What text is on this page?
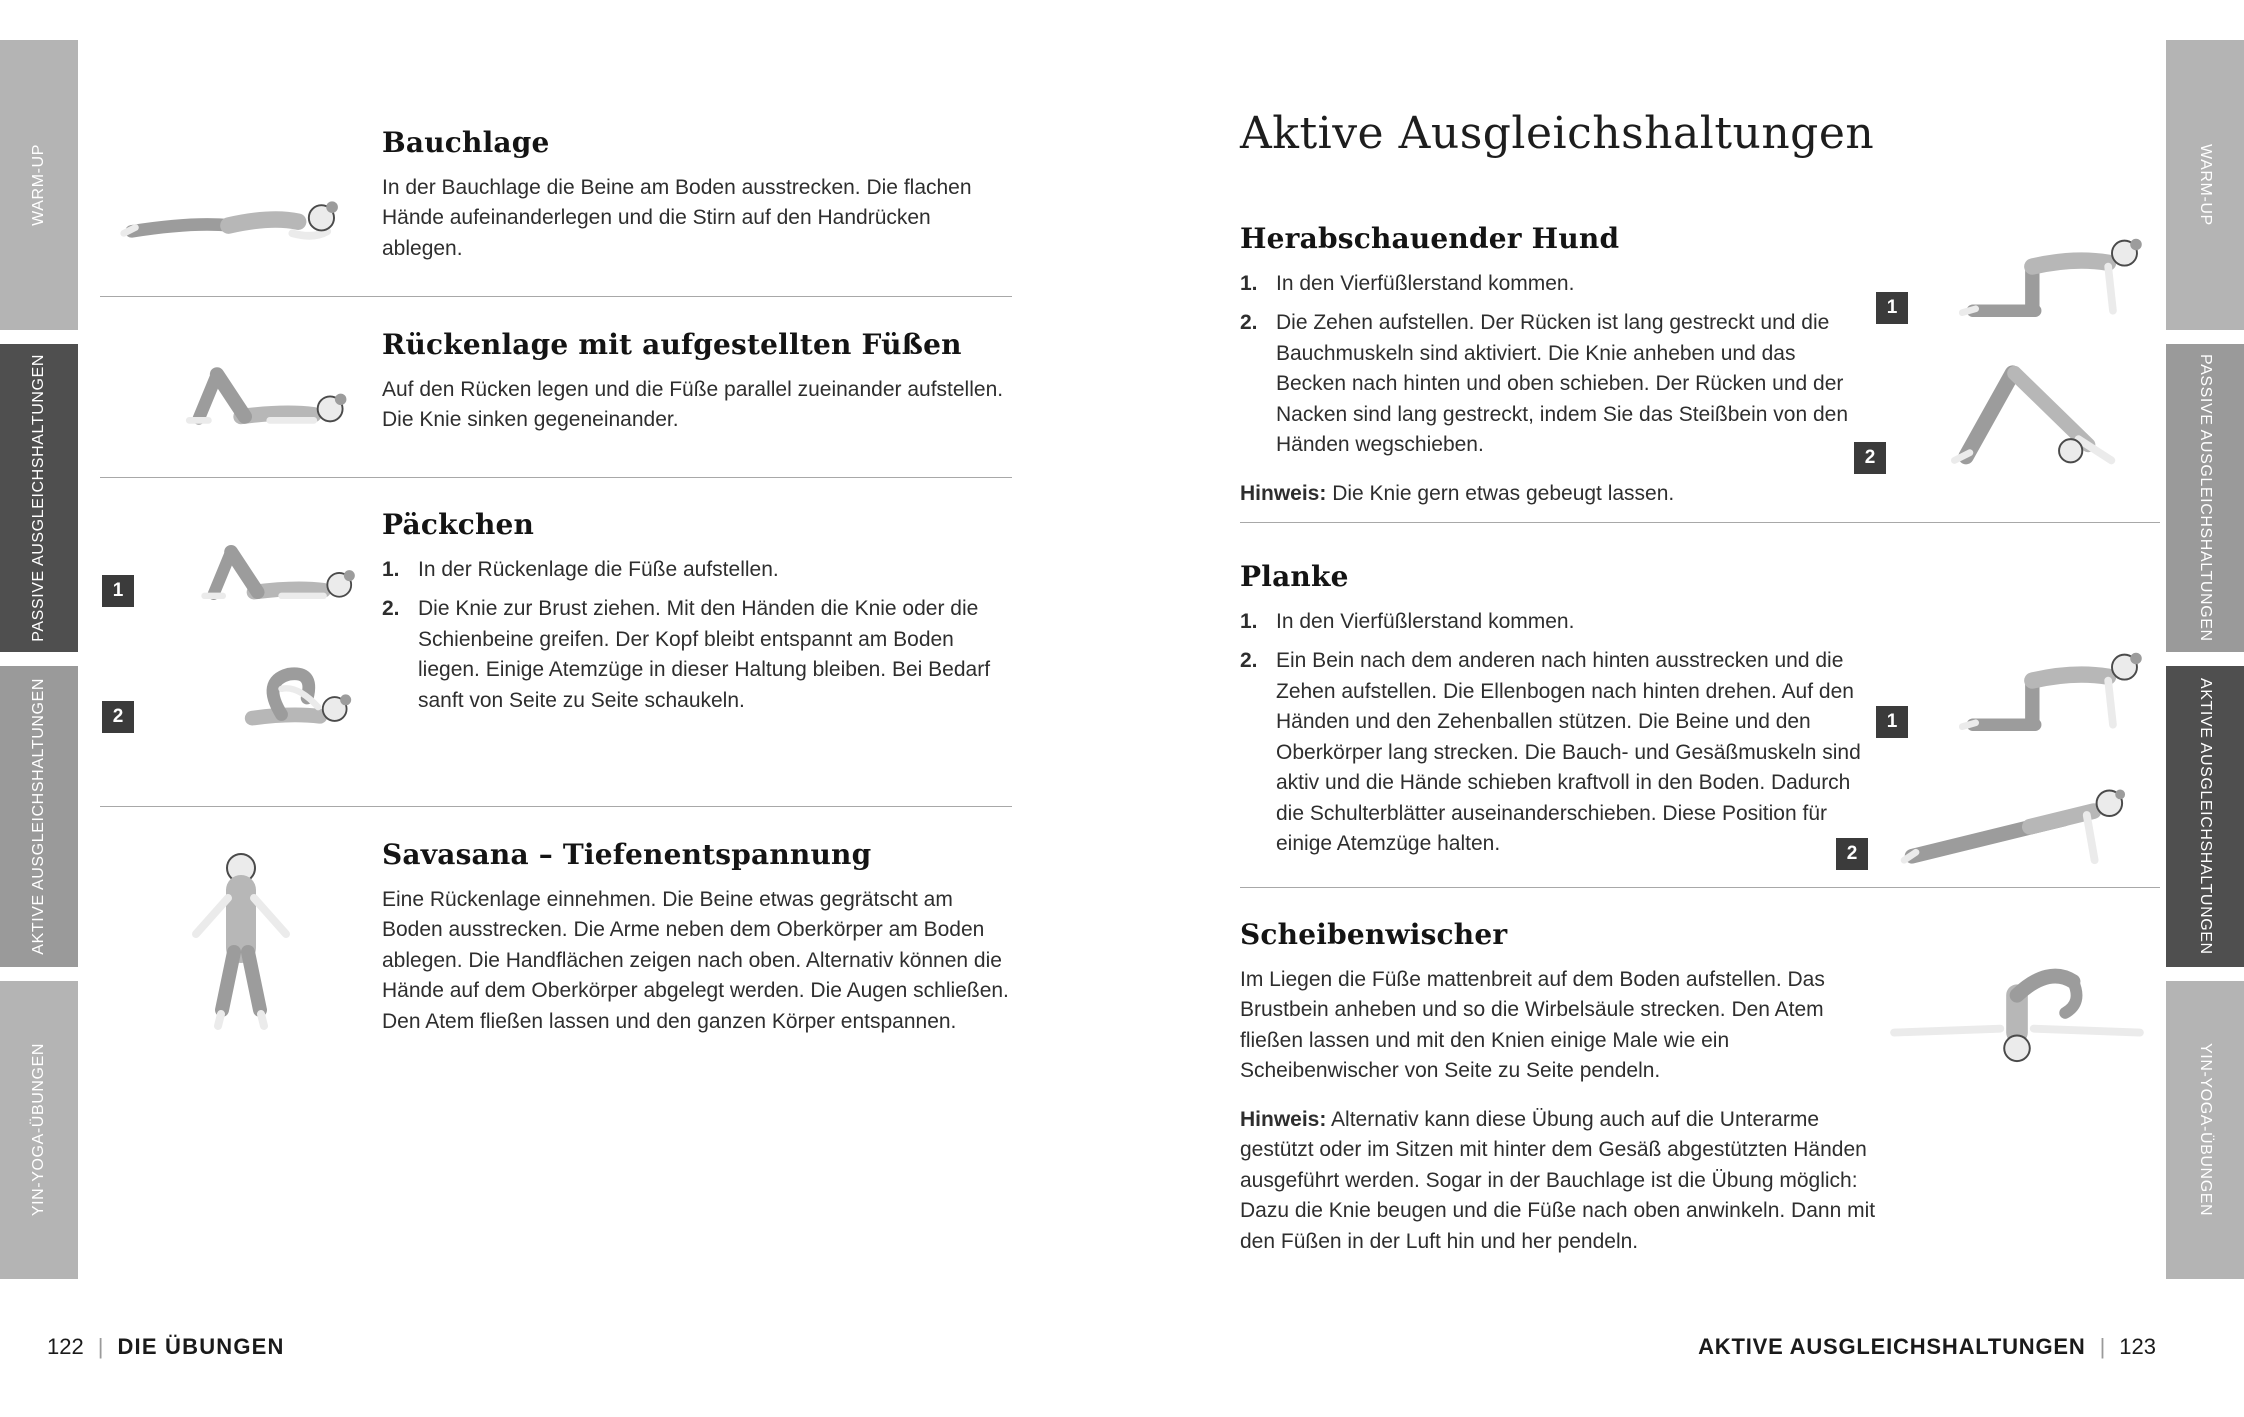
WARM-UP
PASSIVE AUSGLEICHSHALTUNGEN
AKTIVE AUSGLEICHSHALTUNGEN
YIN-YOGA-ÜBUNGEN
Bauchlage

In der Bauchlage die Beine am Boden ausstrecken. Die flachen Hände aufeinanderlegen und die Stirn auf den Handrücken ablegen.

Rückenlage mit aufgestellten Füßen

Auf den Rücken legen und die Füße parallel zueinander aufstellen. Die Knie sinken gegeneinander.

1
2
Päckchen
1. In der Rückenlage die Füße aufstellen.
2. Die Knie zur Brust ziehen. Mit den Händen die Knie oder die Schienbeine greifen. Der Kopf bleibt entspannt am Boden liegen. Einige Atemzüge in dieser Haltung bleiben. Bei Bedarf sanft von Seite zu Seite schaukeln.
Savasana – Tiefenentspannung

Eine Rückenlage einnehmen. Die Beine etwas gegrätscht am Boden ausstrecken. Die Arme neben dem Oberkörper am Boden ablegen. Die Handflächen zeigen nach oben. Alternativ können die Hände auf dem Oberkörper abgelegt werden. Die Augen schließen. Den Atem fließen lassen und den ganzen Körper entspannen.

Aktive Ausgleichshaltungen
Herabschauender Hund
1. In den Vierfüßlerstand kommen.
2. Die Zehen aufstellen. Der Rücken ist lang gestreckt und die Bauchmuskeln sind aktiviert. Die Knie anheben und das Becken nach hinten und oben schieben. Der Rücken und der Nacken sind lang gestreckt, indem Sie das Steißbein von den Händen wegschieben.

Hinweis: Die Knie gern etwas gebeugt lassen.

1
2
Planke
1. In den Vierfüßlerstand kommen.
2. Ein Bein nach dem anderen nach hinten ausstrecken und die Zehen aufstellen. Die Ellenbogen nach hinten drehen. Auf den Händen und den Zehenballen stützen. Die Beine und den Oberkörper lang strecken. Die Bauch- und Gesäßmuskeln sind aktiv und die Hände schieben kraftvoll in den Boden. Dadurch die Schulterblätter auseinanderschieben. Diese Position für einige Atemzüge halten.
1
2
Scheibenwischer

Im Liegen die Füße mattenbreit auf dem Boden aufstellen. Das Brustbein anheben und so die Wirbelsäule strecken. Den Atem fließen lassen und mit den Knien einige Male wie ein Scheibenwischer von Seite zu Seite pendeln.

Hinweis: Alternativ kann diese Übung auch auf die Unterarme gestützt oder im Sitzen mit hinter dem Gesäß abgestützten Händen ausgeführt werden. Sogar in der Bauchlage ist die Übung möglich: Dazu die Knie beugen und die Füße nach oben anwinkeln. Dann mit den Füßen in der Luft hin und her pendeln.

WARM-UP
PASSIVE AUSGLEICHSHALTUNGEN
AKTIVE AUSGLEICHSHALTUNGEN
YIN-YOGA-ÜBUNGEN
122 | DIE ÜBUNGEN	AKTIVE AUSGLEICHSHALTUNGEN | 123
